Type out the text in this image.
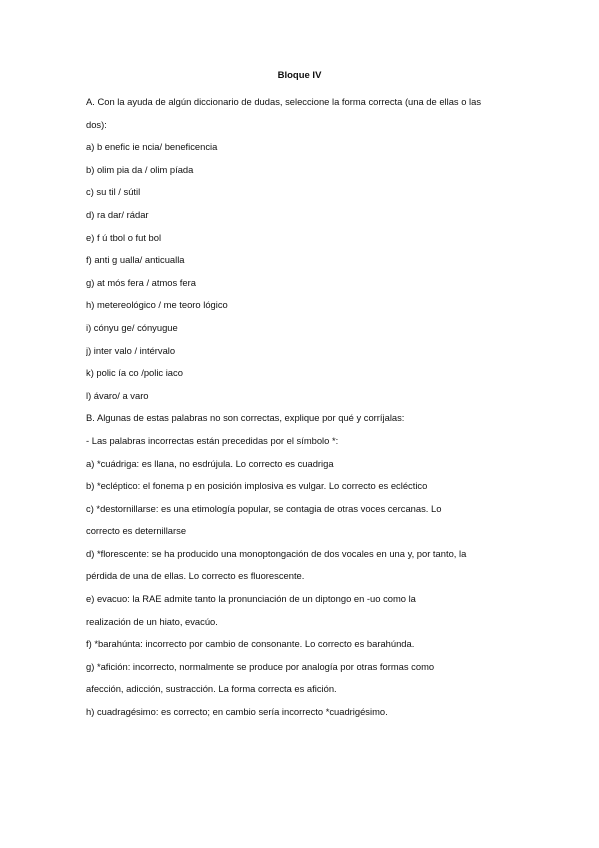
Bloque IV
A. Con la ayuda de algún diccionario de dudas, seleccione la forma correcta (una de ellas o las
dos):
a) b enefic ie ncia/ beneficencia
b) olim pia da / olim píada
c) su til / sútil
d) ra dar/ rádar
e) f ú tbol o fut bol
f) anti g ualla/ anticualla
g) at mós fera / atmos fera
h) metereológico / me teoro lógico
i) cónyu ge/ cónyugue
j) inter valo / intérvalo
k) polic ía co /polic iaco
l) ávaro/ a varo
B. Algunas de estas palabras no son correctas, explique por qué y corríjalas:
- Las palabras incorrectas están precedidas por el símbolo *:
a) *cuádriga: es llana, no esdrújula. Lo correcto es cuadriga
b) *ecléptico: el fonema p en posición implosiva es vulgar. Lo correcto es ecléctico
c) *destornillarse: es una etimología popular, se contagia de otras voces cercanas. Lo
correcto es deternillarse
d) *florescente: se ha producido una monoptongación de dos vocales en una y, por tanto, la
pérdida de una de ellas. Lo correcto es fluorescente.
e) evacuo: la RAE admite tanto la pronunciación de un diptongo en -uo como la
realización de un hiato, evacúo.
f) *barahúnta: incorrecto por cambio de consonante. Lo correcto es barahúnda.
g) *afición: incorrecto, normalmente se produce por analogía por otras formas como
afección, adicción, sustracción. La forma correcta es afición.
h) cuadragésimo: es correcto; en cambio sería incorrecto *cuadrigésimo.
